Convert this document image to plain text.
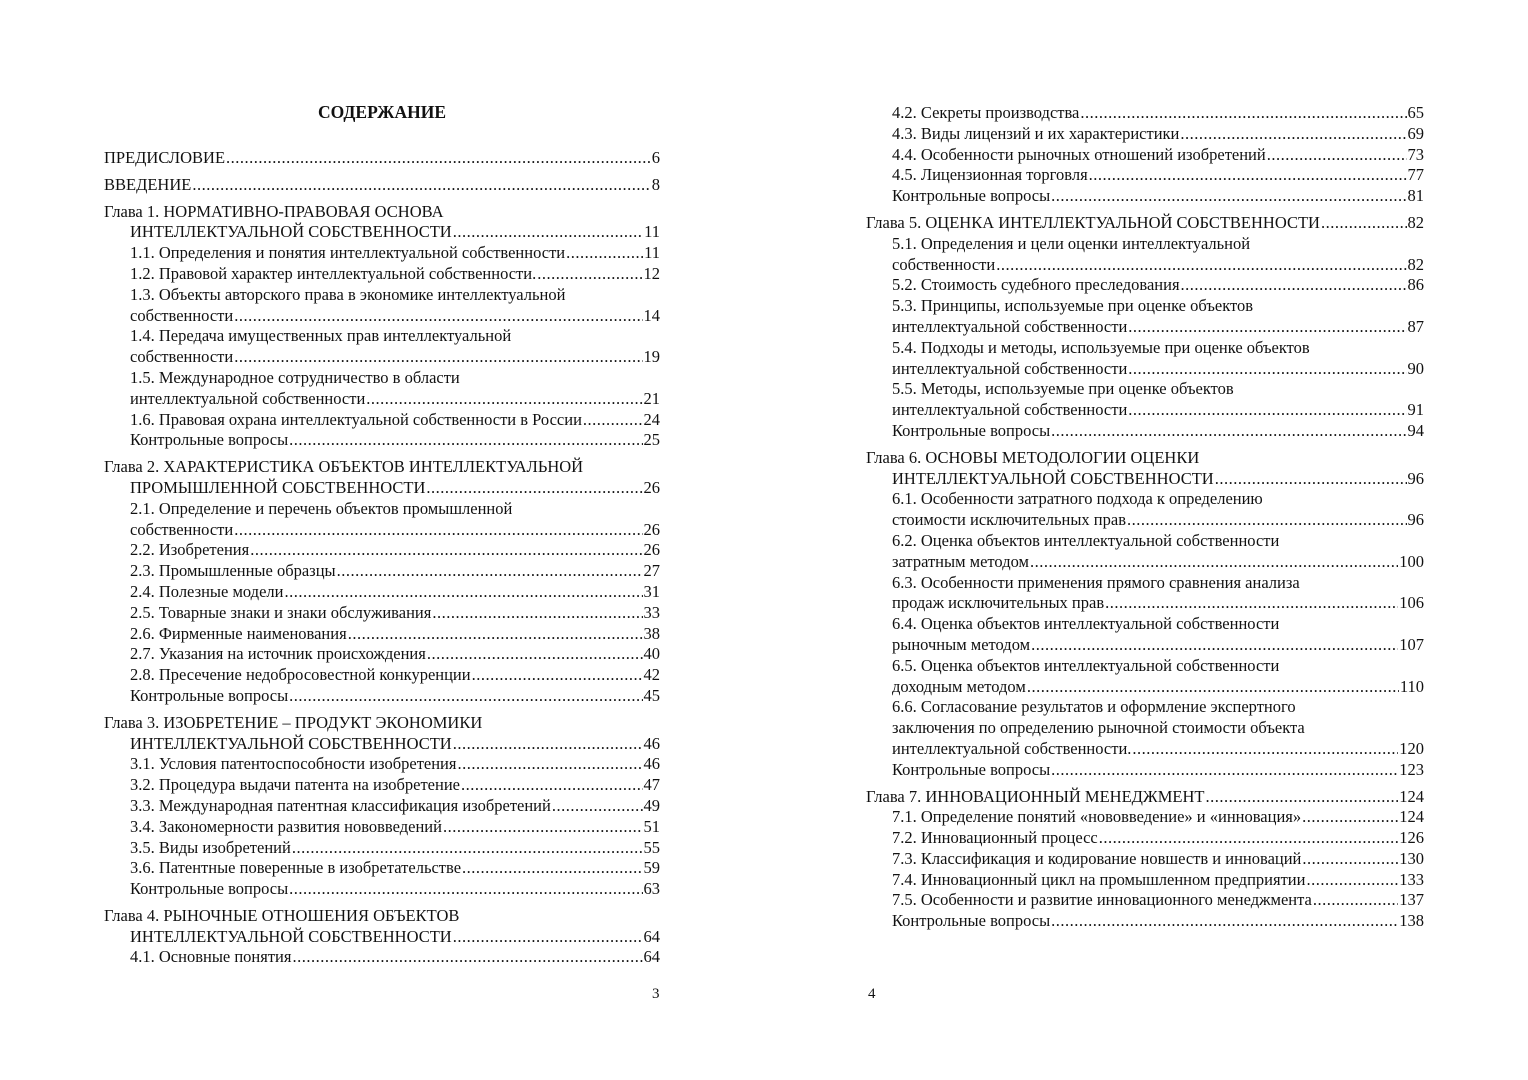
СОДЕРЖАНИЕ
ПРЕДИСЛОВИЕ .....	6
ВВЕДЕНИЕ .....	8
Глава 1. НОРМАТИВНО-ПРАВОВАЯ ОСНОВА
ИНТЕЛЛЕКТУАЛЬНОЙ СОБСТВЕННОСТИ .....	11
1.1. Определения и понятия интеллектуальной собственности .....	11
1.2. Правовой характер интеллектуальной собственности. .....	12
1.3. Объекты авторского права в экономике интеллектуальной
собственности .....	14
1.4. Передача имущественных прав интеллектуальной
собственности .....	19
1.5. Международное сотрудничество в области
интеллектуальной собственности .....	21
1.6. Правовая охрана интеллектуальной собственности в России .....	24
Контрольные вопросы .....	25
Глава 2. ХАРАКТЕРИСТИКА ОБЪЕКТОВ ИНТЕЛЛЕКТУАЛЬНОЙ
ПРОМЫШЛЕННОЙ СОБСТВЕННОСТИ .....	26
2.1. Определение и перечень объектов промышленной
собственности .....	26
2.2. Изобретения .....	26
2.3. Промышленные образцы .....	27
2.4. Полезные модели .....	31
2.5. Товарные знаки и знаки обслуживания .....	33
2.6. Фирменные наименования .....	38
2.7. Указания на источник происхождения .....	40
2.8. Пресечение недобросовестной конкуренции .....	42
Контрольные вопросы .....	45
Глава 3. ИЗОБРЕТЕНИЕ – ПРОДУКТ ЭКОНОМИКИ
ИНТЕЛЛЕКТУАЛЬНОЙ СОБСТВЕННОСТИ .....	46
3.1. Условия патентоспособности изобретения .....	46
3.2. Процедура выдачи патента на изобретение .....	47
3.3. Международная патентная классификация изобретений .....	49
3.4. Закономерности развития нововведений .....	51
3.5. Виды изобретений .....	55
3.6. Патентные поверенные в изобретательстве .....	59
Контрольные вопросы .....	63
Глава 4. РЫНОЧНЫЕ ОТНОШЕНИЯ ОБЪЕКТОВ
ИНТЕЛЛЕКТУАЛЬНОЙ СОБСТВЕННОСТИ .....	64
4.1. Основные понятия .....	64
3
4.2. Секреты производства .....	65
4.3. Виды лицензий и их характеристики .....	69
4.4. Особенности рыночных отношений изобретений .....	73
4.5. Лицензионная торговля .....	77
Контрольные вопросы .....	81
Глава 5. ОЦЕНКА ИНТЕЛЛЕКТУАЛЬНОЙ СОБСТВЕННОСТИ .....	82
5.1. Определения и цели оценки интеллектуальной
собственности .....	82
5.2. Стоимость судебного преследования .....	86
5.3. Принципы, используемые при оценке объектов
интеллектуальной собственности .....	87
5.4. Подходы и методы, используемые при оценке объектов
интеллектуальной собственности .....	90
5.5. Методы, используемые при оценке объектов
интеллектуальной собственности .....	91
Контрольные вопросы .....	94
Глава 6. ОСНОВЫ МЕТОДОЛОГИИ ОЦЕНКИ
ИНТЕЛЛЕКТУАЛЬНОЙ СОБСТВЕННОСТИ .....	96
6.1. Особенности затратного подхода к определению
стоимости исключительных прав .....	96
6.2. Оценка объектов интеллектуальной собственности
затратным методом .....	100
6.3. Особенности применения прямого сравнения анализа
продаж исключительных прав .....	106
6.4. Оценка объектов интеллектуальной собственности
рыночным методом .....	107
6.5. Оценка объектов интеллектуальной собственности
доходным методом .....	110
6.6. Согласование результатов и оформление экспертного
заключения по определению рыночной стоимости объекта
интеллектуальной собственности. .....	120
Контрольные вопросы .....	123
Глава 7. ИННОВАЦИОННЫЙ МЕНЕДЖМЕНТ .....	124
7.1. Определение понятий «нововведение» и «инновация» .....	124
7.2. Инновационный процесс .....	126
7.3. Классификация и кодирование новшеств и инноваций .....	130
7.4. Инновационный цикл на промышленном предприятии .....	133
7.5. Особенности и развитие инновационного менеджмента .....	137
Контрольные вопросы .....	138
4
